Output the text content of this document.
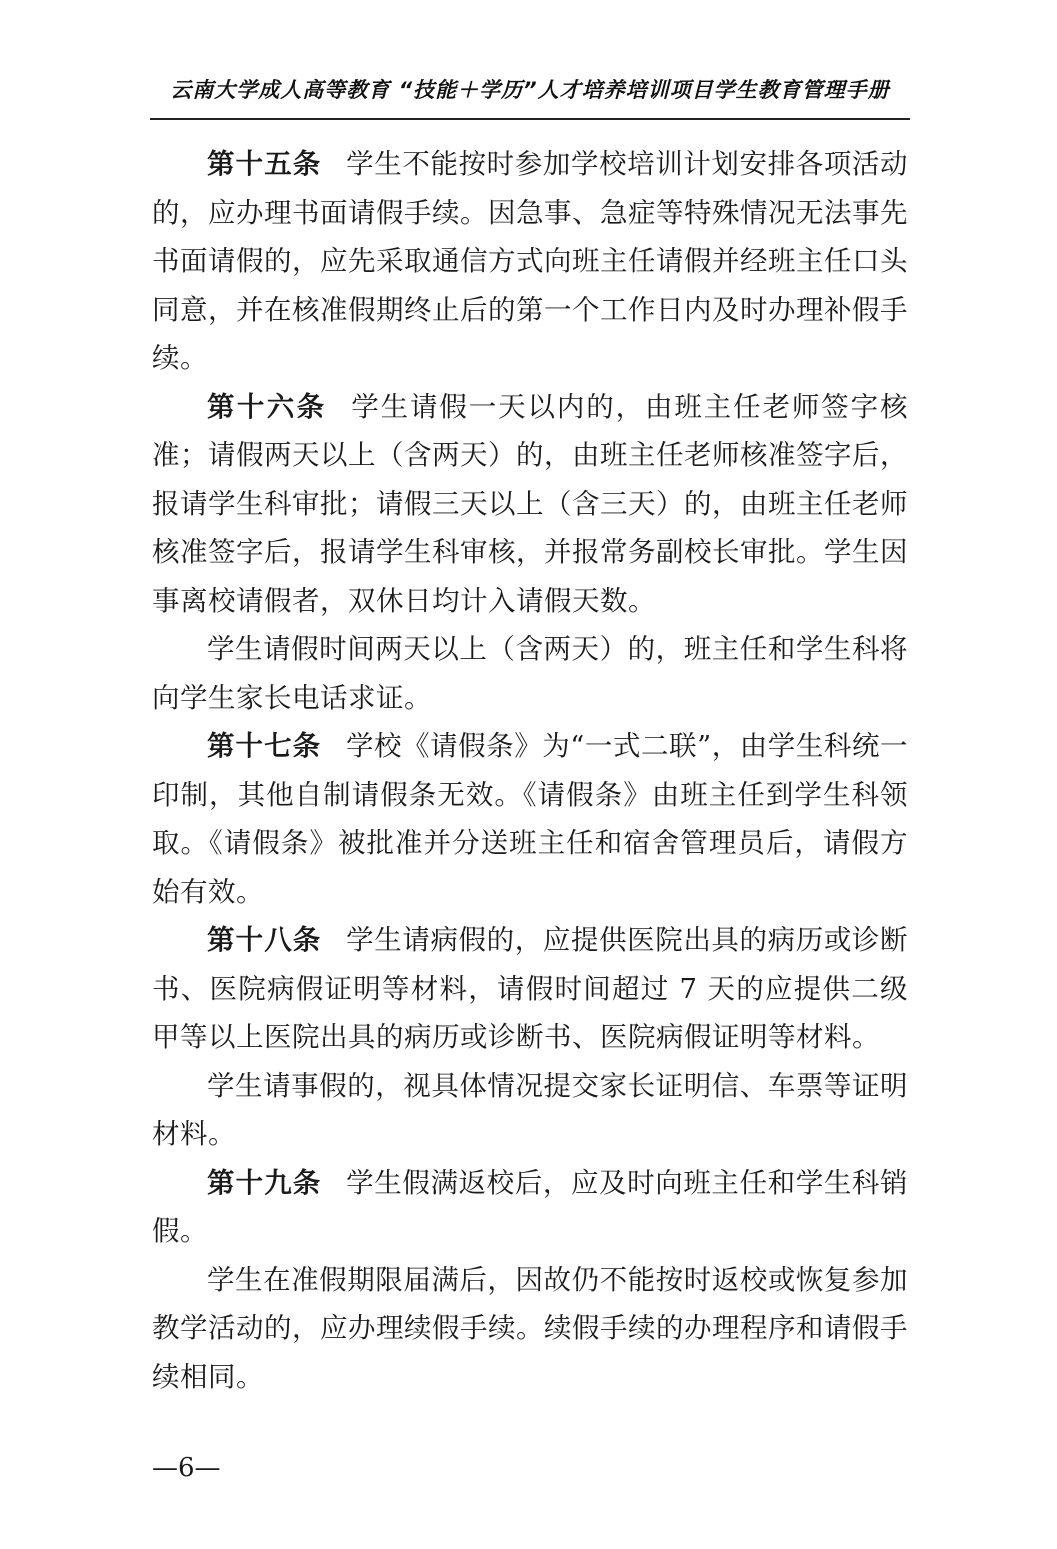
云南大学成人高等教育 “技能＋学历”人才培养培训项目学生教育管理手册

第十五条 学生不能按时参加学校培训计划安排各项活动的，应办理书面请假手续。因急事、急症等特殊情况无法事先书面请假的，应先采取通信方式向班主任请假并经班主任口头同意，并在核准假期终止后的第一个工作日内及时办理补假手续。

第十六条 学生请假一天以内的，由班主任老师签字核准；请假两天以上（含两天）的，由班主任老师核准签字后，报请学生科审批；请假三天以上（含三天）的，由班主任老师核准签字后，报请学生科审核，并报常务副校长审批。学生因事离校请假者，双休日均计入请假天数。

学生请假时间两天以上（含两天）的，班主任和学生科将向学生家长电话求证。

第十七条 学校《请假条》为“一式二联”，由学生科统一印制，其他自制请假条无效。《请假条》由班主任到学生科领取。《请假条》被批准并分送班主任和宿舍管理员后，请假方始有效。

第十八条 学生请病假的，应提供医院出具的病历或诊断书、医院病假证明等材料，请假时间超过 7 天的应提供二级甲等以上医院出具的病历或诊断书、医院病假证明等材料。

学生请事假的，视具体情况提交家长证明信、车票等证明材料。

第十九条 学生假满返校后，应及时向班主任和学生科销假。

学生在准假期限届满后，因故仍不能按时返校或恢复参加教学活动的，应办理续假手续。续假手续的办理程序和请假手续相同。

—6—
